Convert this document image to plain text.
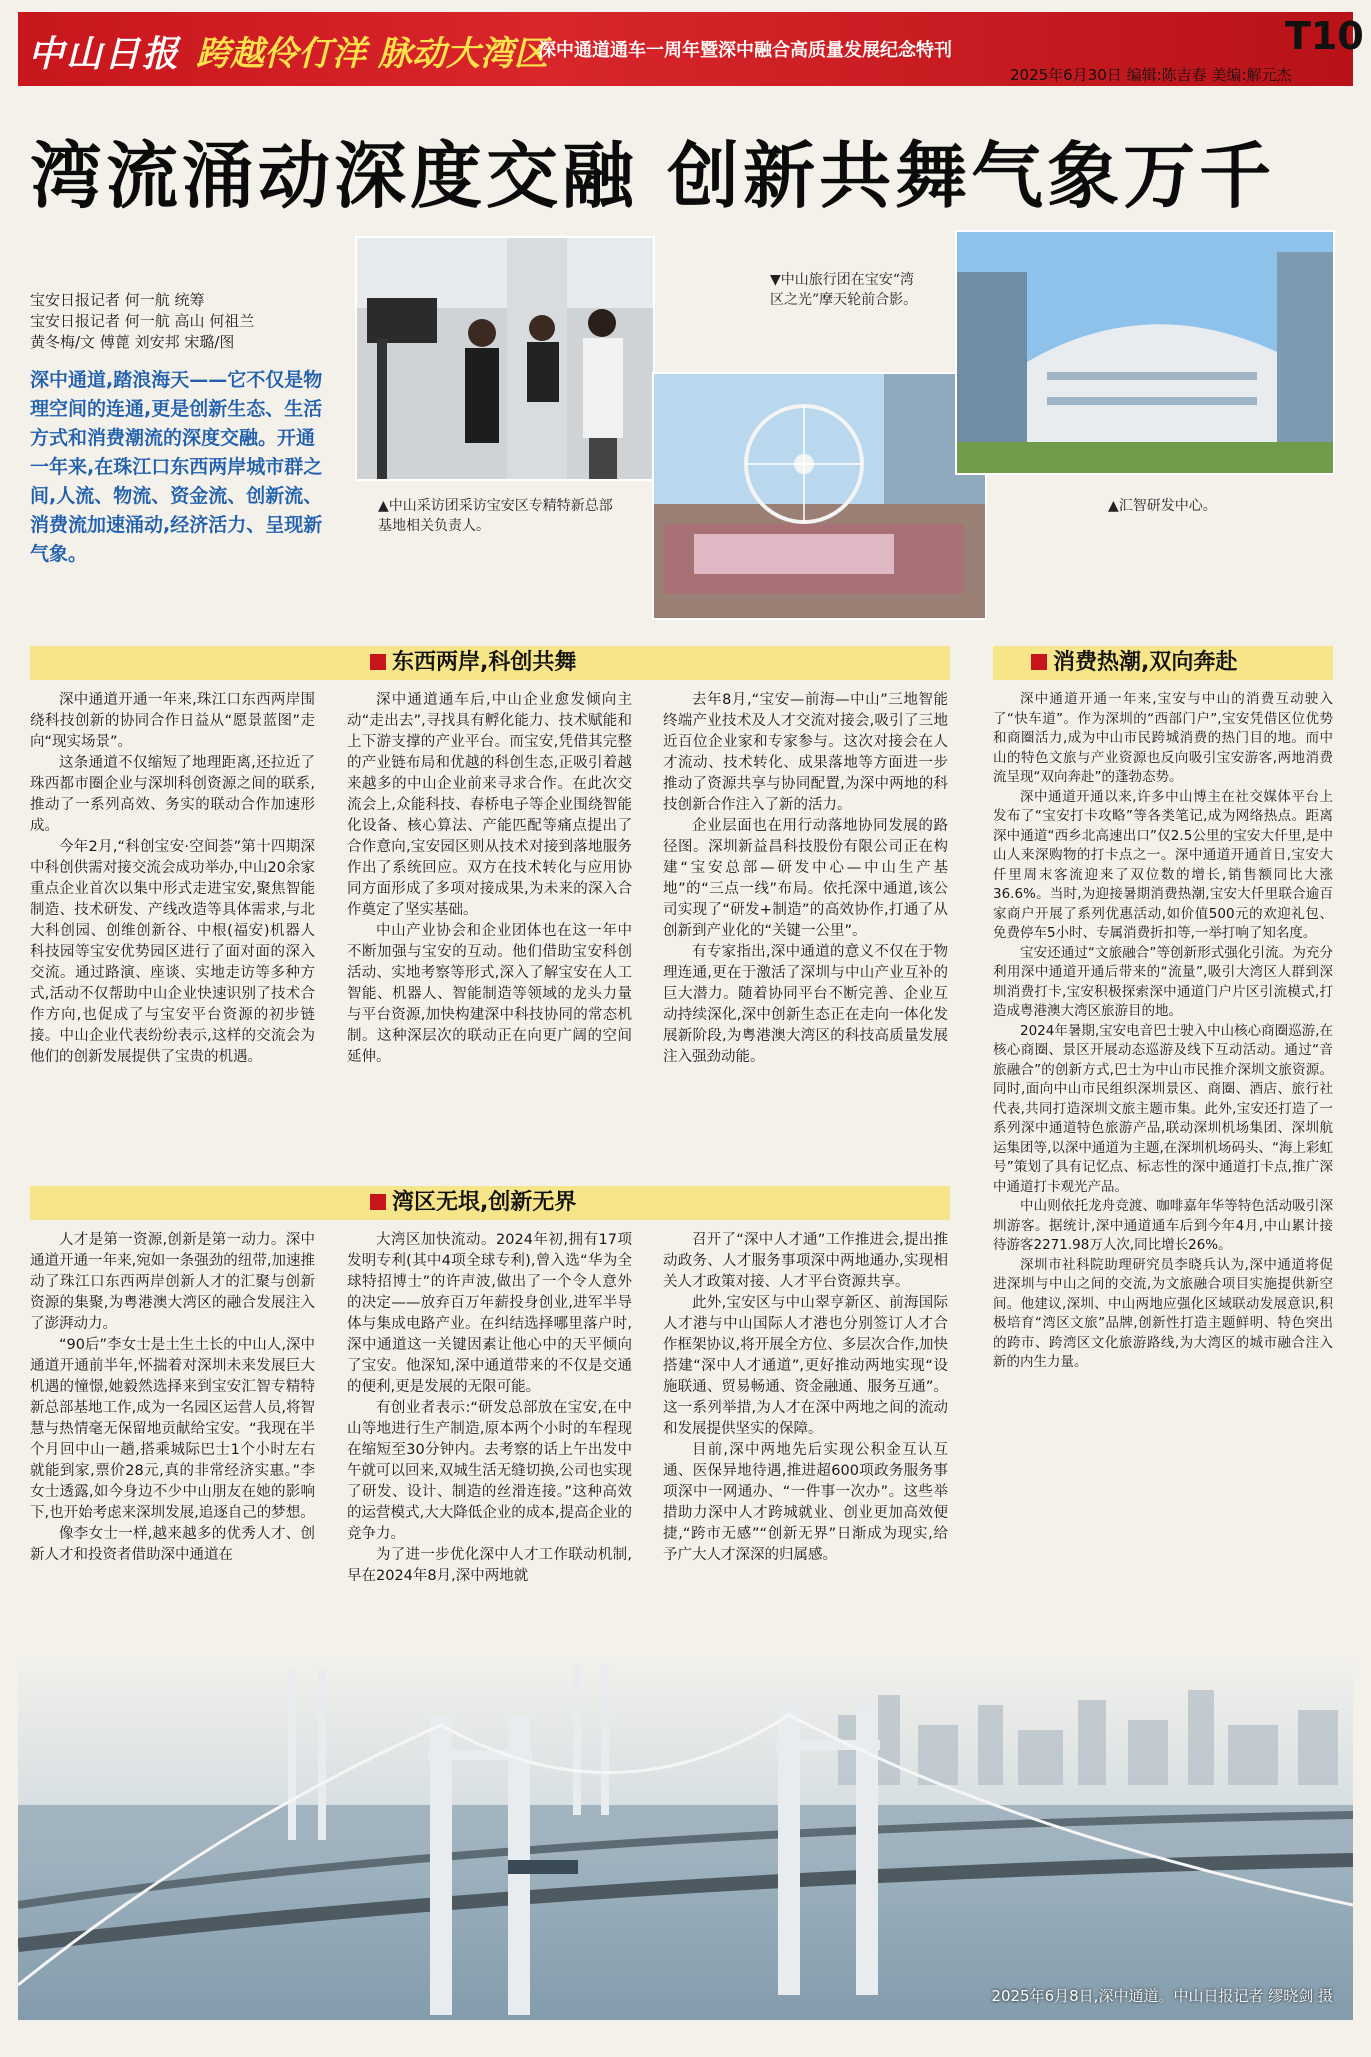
中山日报 跨越伶仃洋 脉动大湾区
深中通道通车一周年暨深中融合高质量发展纪念特刊	T10
2025年6月30日 编辑:陈吉春 美编:解元杰
湾流涌动深度交融 创新共舞气象万千
宝安日报记者 何一航 统筹
宝安日报记者 何一航 高山 何祖兰
黄冬梅/文 傅蓖 刘安邦 宋璐/图
深中通道,踏浪海天——它不仅是物理空间的连通,更是创新生态、生活方式和消费潮流的深度交融。开通一年来,在珠江口东西两岸城市群之间,人流、物流、资金流、创新流、消费流加速涌动,经济活力、呈现新气象。
▲中山采访团采访宝安区专精特新总部基地相关负责人。
▼中山旅行团在宝安“湾区之光”摩天轮前合影。
▲汇智研发中心。
东西两岸,科创共舞	消费热潮,双向奔赴
湾区无垠,创新无界

深中通道开通一年来,珠江口东西两岸围绕科技创新的协同合作日益从“愿景蓝图”走向“现实场景”。

这条通道不仅缩短了地理距离,还拉近了珠西都市圈企业与深圳科创资源之间的联系,推动了一系列高效、务实的联动合作加速形成。

今年2月,“科创宝安·空间荟”第十四期深中科创供需对接交流会成功举办,中山20余家重点企业首次以集中形式走进宝安,聚焦智能制造、技术研发、产线改造等具体需求,与北大科创园、创维创新谷、中根(福安)机器人科技园等宝安优势园区进行了面对面的深入交流。通过路演、座谈、实地走访等多种方式,活动不仅帮助中山企业快速识别了技术合作方向,也促成了与宝安平台资源的初步链接。中山企业代表纷纷表示,这样的交流会为他们的创新发展提供了宝贵的机遇。

深中通道通车后,中山企业愈发倾向主动“走出去”,寻找具有孵化能力、技术赋能和上下游支撑的产业平台。而宝安,凭借其完整的产业链布局和优越的科创生态,正吸引着越来越多的中山企业前来寻求合作。在此次交流会上,众能科技、春桥电子等企业围绕智能化设备、核心算法、产能匹配等痛点提出了合作意向,宝安园区则从技术对接到落地服务作出了系统回应。双方在技术转化与应用协同方面形成了多项对接成果,为未来的深入合作奠定了坚实基础。

中山产业协会和企业团体也在这一年中不断加强与宝安的互动。他们借助宝安科创活动、实地考察等形式,深入了解宝安在人工智能、机器人、智能制造等领域的龙头力量与平台资源,加快构建深中科技协同的常态机制。这种深层次的联动正在向更广阔的空间延伸。

去年8月,“宝安—前海—中山”三地智能终端产业技术及人才交流对接会,吸引了三地近百位企业家和专家参与。这次对接会在人才流动、技术转化、成果落地等方面进一步推动了资源共享与协同配置,为深中两地的科技创新合作注入了新的活力。

企业层面也在用行动落地协同发展的路径图。深圳新益昌科技股份有限公司正在构建“宝安总部—研发中心—中山生产基地”的“三点一线”布局。依托深中通道,该公司实现了“研发+制造”的高效协作,打通了从创新到产业化的“关键一公里”。

有专家指出,深中通道的意义不仅在于物理连通,更在于激活了深圳与中山产业互补的巨大潜力。随着协同平台不断完善、企业互动持续深化,深中创新生态正在走向一体化发展新阶段,为粤港澳大湾区的科技高质量发展注入强劲动能。

人才是第一资源,创新是第一动力。深中通道开通一年来,宛如一条强劲的纽带,加速推动了珠江口东西两岸创新人才的汇聚与创新资源的集聚,为粤港澳大湾区的融合发展注入了澎湃动力。

“90后”李女士是土生土长的中山人,深中通道开通前半年,怀揣着对深圳未来发展巨大机遇的憧憬,她毅然选择来到宝安汇智专精特新总部基地工作,成为一名园区运营人员,将智慧与热情毫无保留地贡献给宝安。“我现在半个月回中山一趟,搭乘城际巴士1个小时左右就能到家,票价28元,真的非常经济实惠。”李女士透露,如今身边不少中山朋友在她的影响下,也开始考虑来深圳发展,追逐自己的梦想。

像李女士一样,越来越多的优秀人才、创新人才和投资者借助深中通道在

大湾区加快流动。2024年初,拥有17项发明专利(其中4项全球专利),曾入选“华为全球特招博士”的许声波,做出了一个令人意外的决定——放弃百万年薪投身创业,进军半导体与集成电路产业。在纠结选择哪里落户时,深中通道这一关键因素让他心中的天平倾向了宝安。他深知,深中通道带来的不仅是交通的便利,更是发展的无限可能。

有创业者表示:“研发总部放在宝安,在中山等地进行生产制造,原本两个小时的车程现在缩短至30分钟内。去考察的话上午出发中午就可以回来,双城生活无缝切换,公司也实现了研发、设计、制造的丝滑连接。”这种高效的运营模式,大大降低企业的成本,提高企业的竞争力。

为了进一步优化深中人才工作联动机制,早在2024年8月,深中两地就

召开了“深中人才通”工作推进会,提出推动政务、人才服务事项深中两地通办,实现相关人才政策对接、人才平台资源共享。

此外,宝安区与中山翠亨新区、前海国际人才港与中山国际人才港也分别签订人才合作框架协议,将开展全方位、多层次合作,加快搭建“深中人才通道”,更好推动两地实现“设施联通、贸易畅通、资金融通、服务互通”。这一系列举措,为人才在深中两地之间的流动和发展提供坚实的保障。

目前,深中两地先后实现公积金互认互通、医保异地待遇,推进超600项政务服务事项深中一网通办、“一件事一次办”。这些举措助力深中人才跨城就业、创业更加高效便捷,“跨市无感”“创新无界”日渐成为现实,给予广大人才深深的归属感。

深中通道开通一年来,宝安与中山的消费互动驶入了“快车道”。作为深圳的“西部门户”,宝安凭借区位优势和商圈活力,成为中山市民跨城消费的热门目的地。而中山的特色文旅与产业资源也反向吸引宝安游客,两地消费流呈现“双向奔赴”的蓬勃态势。

深中通道开通以来,许多中山博主在社交媒体平台上发布了“宝安打卡攻略”等各类笔记,成为网络热点。距离深中通道“西乡北高速出口”仅2.5公里的宝安大仟里,是中山人来深购物的打卡点之一。深中通道开通首日,宝安大仟里周末客流迎来了双位数的增长,销售额同比大涨36.6%。当时,为迎接暑期消费热潮,宝安大仟里联合逾百家商户开展了系列优惠活动,如价值500元的欢迎礼包、免费停车5小时、专属消费折扣等,一举打响了知名度。

宝安还通过“文旅融合”等创新形式强化引流。为充分利用深中通道开通后带来的“流量”,吸引大湾区人群到深圳消费打卡,宝安积极探索深中通道门户片区引流模式,打造成粤港澳大湾区旅游目的地。

2024年暑期,宝安电音巴士驶入中山核心商圈巡游,在核心商圈、景区开展动态巡游及线下互动活动。通过“音旅融合”的创新方式,巴士为中山市民推介深圳文旅资源。同时,面向中山市民组织深圳景区、商圈、酒店、旅行社代表,共同打造深圳文旅主题市集。此外,宝安还打造了一系列深中通道特色旅游产品,联动深圳机场集团、深圳航运集团等,以深中通道为主题,在深圳机场码头、“海上彩虹号”策划了具有记忆点、标志性的深中通道打卡点,推广深中通道打卡观光产品。

中山则依托龙舟竞渡、咖啡嘉年华等特色活动吸引深圳游客。据统计,深中通道通车后到今年4月,中山累计接待游客2271.98万人次,同比增长26%。

深圳市社科院助理研究员李晓兵认为,深中通道将促进深圳与中山之间的交流,为文旅融合项目实施提供新空间。他建议,深圳、中山两地应强化区域联动发展意识,积极培育“湾区文旅”品牌,创新性打造主题鲜明、特色突出的跨市、跨湾区文化旅游路线,为大湾区的城市融合注入新的内生力量。

2025年6月8日,深中通道。中山日报记者 缪晓剑 摄
